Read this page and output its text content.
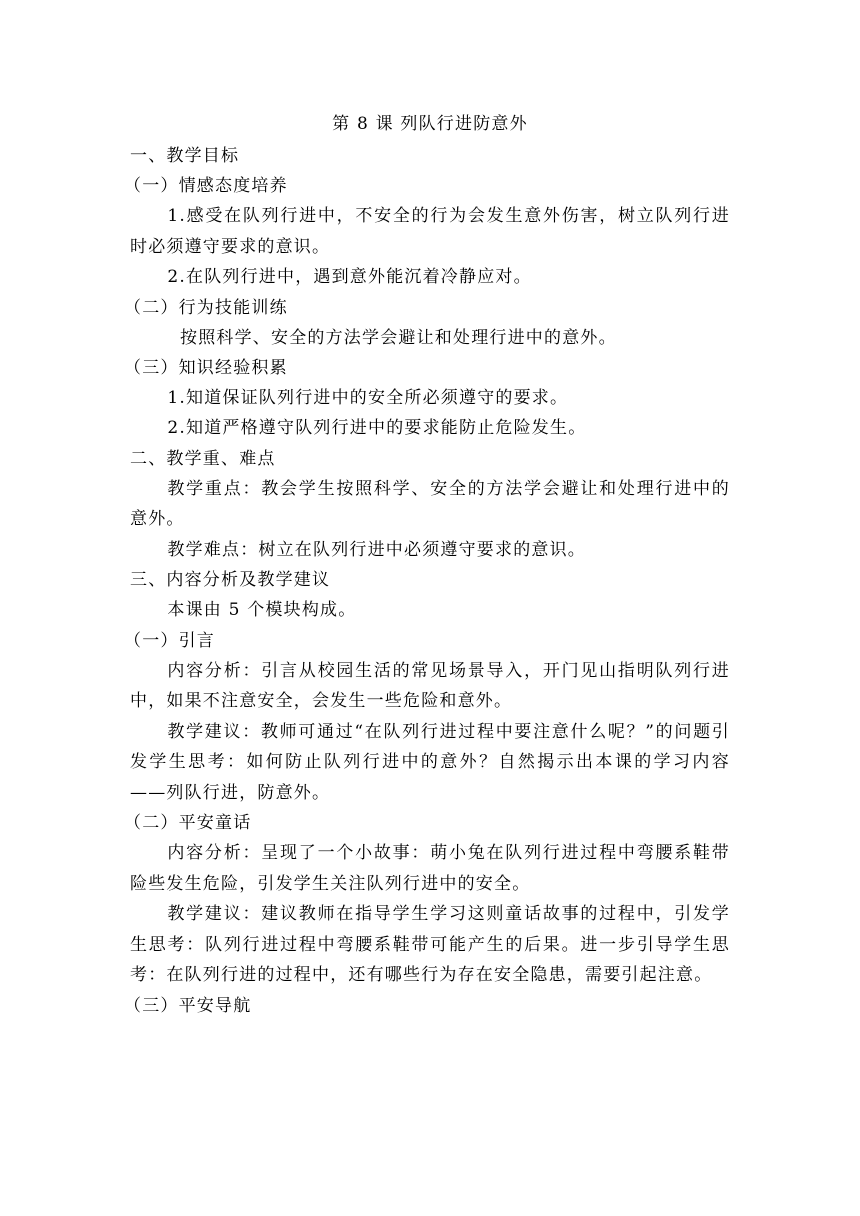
第 8 课 列队行进防意外
一、教学目标
（一）情感态度培养
1.感受在队列行进中，不安全的行为会发生意外伤害，树立队列行进时必须遵守要求的意识。
2.在队列行进中，遇到意外能沉着冷静应对。
（二）行为技能训练
按照科学、安全的方法学会避让和处理行进中的意外。
（三）知识经验积累
1.知道保证队列行进中的安全所必须遵守的要求。
2.知道严格遵守队列行进中的要求能防止危险发生。
二、教学重、难点
教学重点：教会学生按照科学、安全的方法学会避让和处理行进中的意外。
教学难点：树立在队列行进中必须遵守要求的意识。
三、内容分析及教学建议
本课由 5 个模块构成。
（一）引言
内容分析：引言从校园生活的常见场景导入，开门见山指明队列行进中，如果不注意安全，会发生一些危险和意外。
教学建议：教师可通过“在队列行进过程中要注意什么呢？”的问题引发学生思考：如何防止队列行进中的意外？自然揭示出本课的学习内容——列队行进，防意外。
（二）平安童话
内容分析：呈现了一个小故事：萌小兔在队列行进过程中弯腰系鞋带险些发生危险，引发学生关注队列行进中的安全。
教学建议：建议教师在指导学生学习这则童话故事的过程中，引发学生思考：队列行进过程中弯腰系鞋带可能产生的后果。进一步引导学生思考：在队列行进的过程中，还有哪些行为存在安全隐患，需要引起注意。
（三）平安导航
